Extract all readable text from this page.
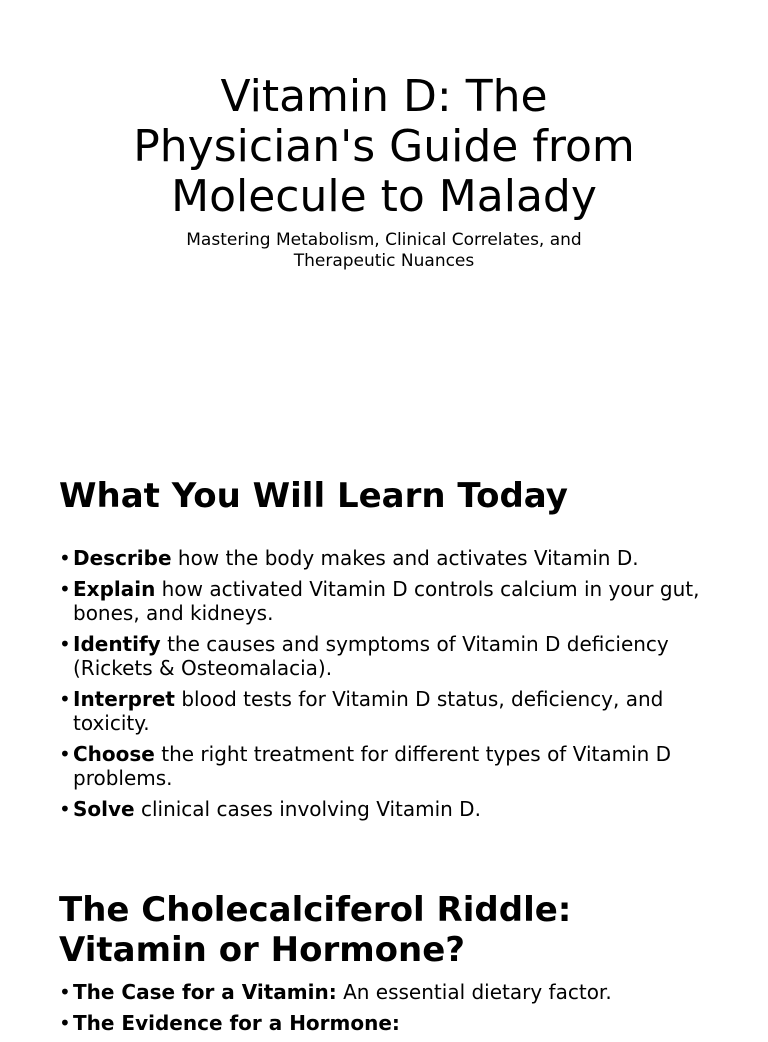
Vitamin D: The Physician's Guide from Molecule to Malady
Mastering Metabolism, Clinical Correlates, and Therapeutic Nuances
What You Will Learn Today
• Describe how the body makes and activates Vitamin D.
• Explain how activated Vitamin D controls calcium in your gut, bones, and kidneys.
• Identify the causes and symptoms of Vitamin D deficiency (Rickets & Osteomalacia).
• Interpret blood tests for Vitamin D status, deficiency, and toxicity.
• Choose the right treatment for different types of Vitamin D problems.
• Solve clinical cases involving Vitamin D.
The Cholecalciferol Riddle: Vitamin or Hormone?
• The Case for a Vitamin: An essential dietary factor.
• The Evidence for a Hormone:
